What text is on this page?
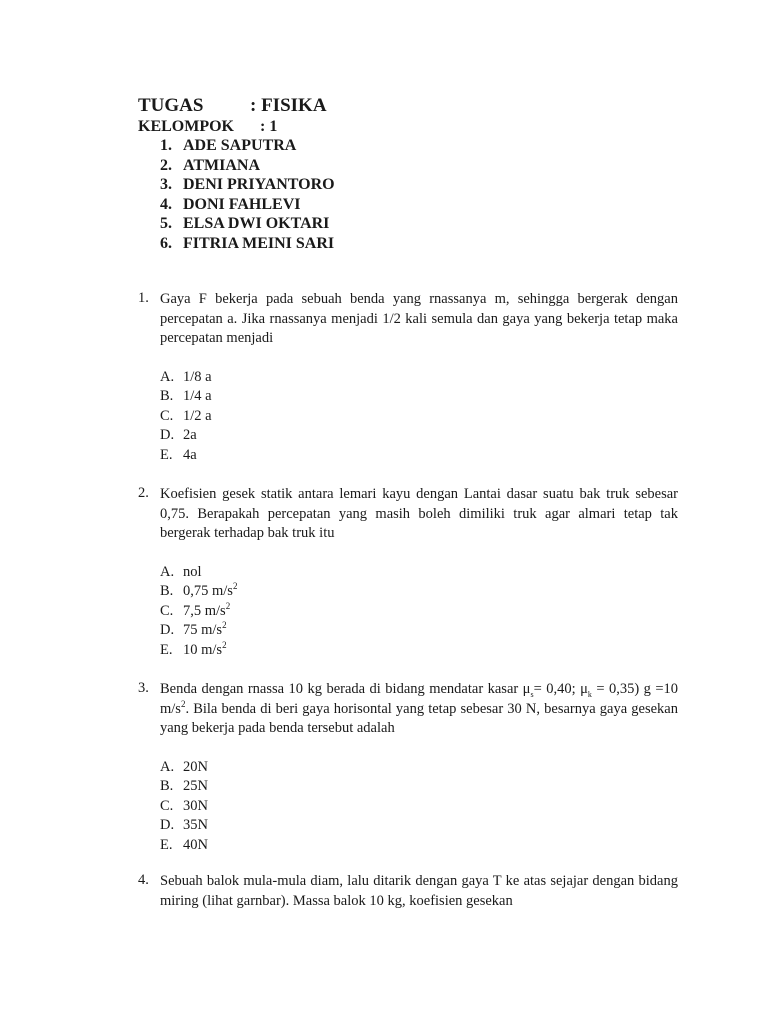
TUGAS : FISIKA
KELOMPOK : 1
1. ADE SAPUTRA
2. ATMIANA
3. DENI PRIYANTORO
4. DONI FAHLEVI
5. ELSA DWI OKTARI
6. FITRIA MEINI SARI
1. Gaya F bekerja pada sebuah benda yang rnassanya m, sehingga bergerak dengan percepatan a. Jika rnassanya menjadi 1/2 kali semula dan gaya yang bekerja tetap maka percepatan menjadi
A. 1/8 a
B. 1/4 a
C. 1/2 a
D. 2a
E. 4a
2. Koefisien gesek statik antara lemari kayu dengan Lantai dasar suatu bak truk sebesar 0,75. Berapakah percepatan yang masih boleh dimiliki truk agar almari tetap tak bergerak terhadap bak truk itu
A. nol
B. 0,75 $m/s^2$
C. 7,5 $m/s^2$
D. 75 $m/s^2$
E. 10 $m/s^2$
3. Benda dengan rnassa 10 kg berada di bidang mendatar kasar $\mu_s= 0,40$; $\mu_k = 0,35$) g =10 $m/s^2$. Bila benda di beri gaya horisontal yang tetap sebesar 30 N, besarnya gaya gesekan yang bekerja pada benda tersebut adalah
A. 20N
B. 25N
C. 30N
D. 35N
E. 40N
4. Sebuah balok mula-mula diam, lalu ditarik dengan gaya T ke atas sejajar dengan bidang miring (lihat garnbar). Massa balok 10 kg, koefisien gesekan
